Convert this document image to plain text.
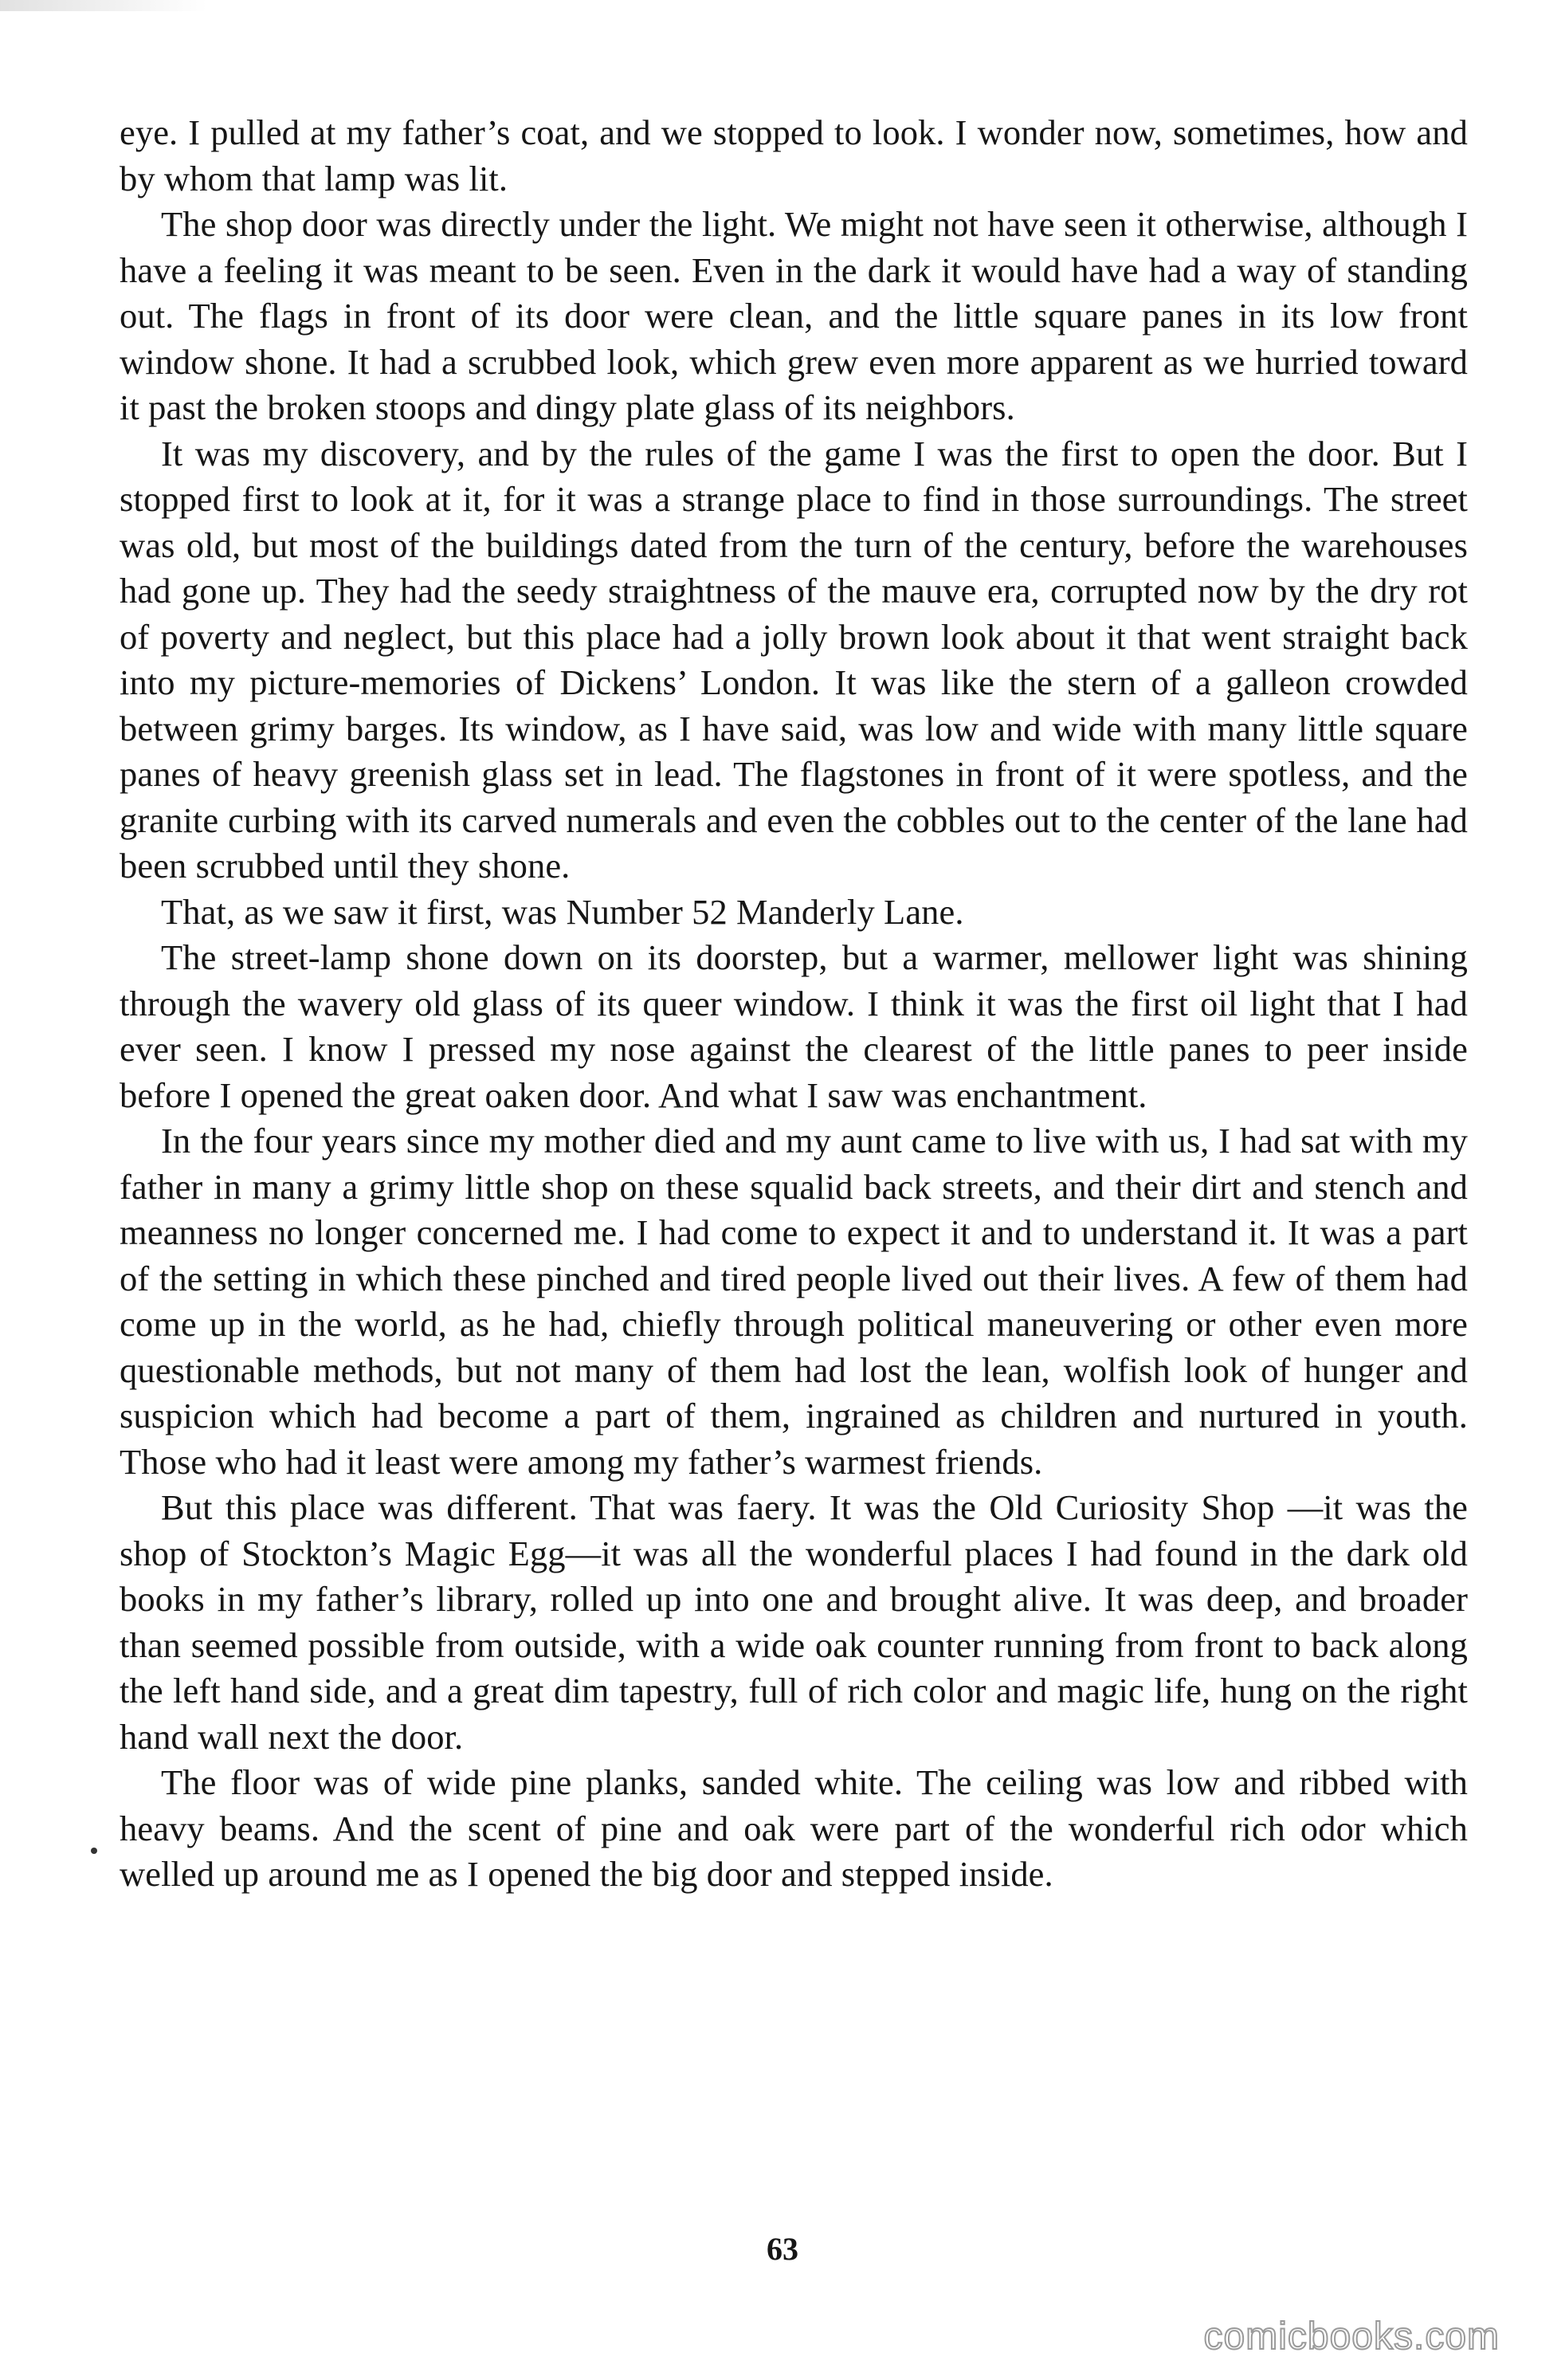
eye. I pulled at my father’s coat, and we stopped to look. I wonder now, sometimes, how and by whom that lamp was lit.

The shop door was directly under the light. We might not have seen it otherwise, although I have a feeling it was meant to be seen. Even in the dark it would have had a way of standing out. The flags in front of its door were clean, and the little square panes in its low front window shone. It had a scrubbed look, which grew even more apparent as we hurried toward it past the broken stoops and dingy plate glass of its neighbors.

It was my discovery, and by the rules of the game I was the first to open the door. But I stopped first to look at it, for it was a strange place to find in those surroundings. The street was old, but most of the buildings dated from the turn of the century, before the warehouses had gone up. They had the seedy straightness of the mauve era, corrupted now by the dry rot of poverty and neglect, but this place had a jolly brown look about it that went straight back into my picture-memories of Dickens’ London. It was like the stern of a galleon crowded between grimy barges. Its window, as I have said, was low and wide with many little square panes of heavy greenish glass set in lead. The flagstones in front of it were spotless, and the granite curbing with its carved numerals and even the cobbles out to the center of the lane had been scrubbed until they shone.

That, as we saw it first, was Number 52 Manderly Lane.

The street-lamp shone down on its doorstep, but a warmer, mellower light was shining through the wavery old glass of its queer window. I think it was the first oil light that I had ever seen. I know I pressed my nose against the clearest of the little panes to peer inside before I opened the great oaken door. And what I saw was enchantment.

In the four years since my mother died and my aunt came to live with us, I had sat with my father in many a grimy little shop on these squalid back streets, and their dirt and stench and meanness no longer concerned me. I had come to expect it and to understand it. It was a part of the setting in which these pinched and tired people lived out their lives. A few of them had come up in the world, as he had, chiefly through political maneuvering or other even more questionable methods, but not many of them had lost the lean, wolfish look of hunger and suspicion which had become a part of them, ingrained as children and nurtured in youth. Those who had it least were among my father’s warmest friends.

But this place was different. That was faery. It was the Old Curiosity Shop —it was the shop of Stockton’s Magic Egg—it was all the wonderful places I had found in the dark old books in my father’s library, rolled up into one and brought alive. It was deep, and broader than seemed possible from outside, with a wide oak counter running from front to back along the left hand side, and a great dim tapestry, full of rich color and magic life, hung on the right hand wall next the door.

The floor was of wide pine planks, sanded white. The ceiling was low and ribbed with heavy beams. And the scent of pine and oak were part of the wonderful rich odor which welled up around me as I opened the big door and stepped inside.

63
comicbooks.com
